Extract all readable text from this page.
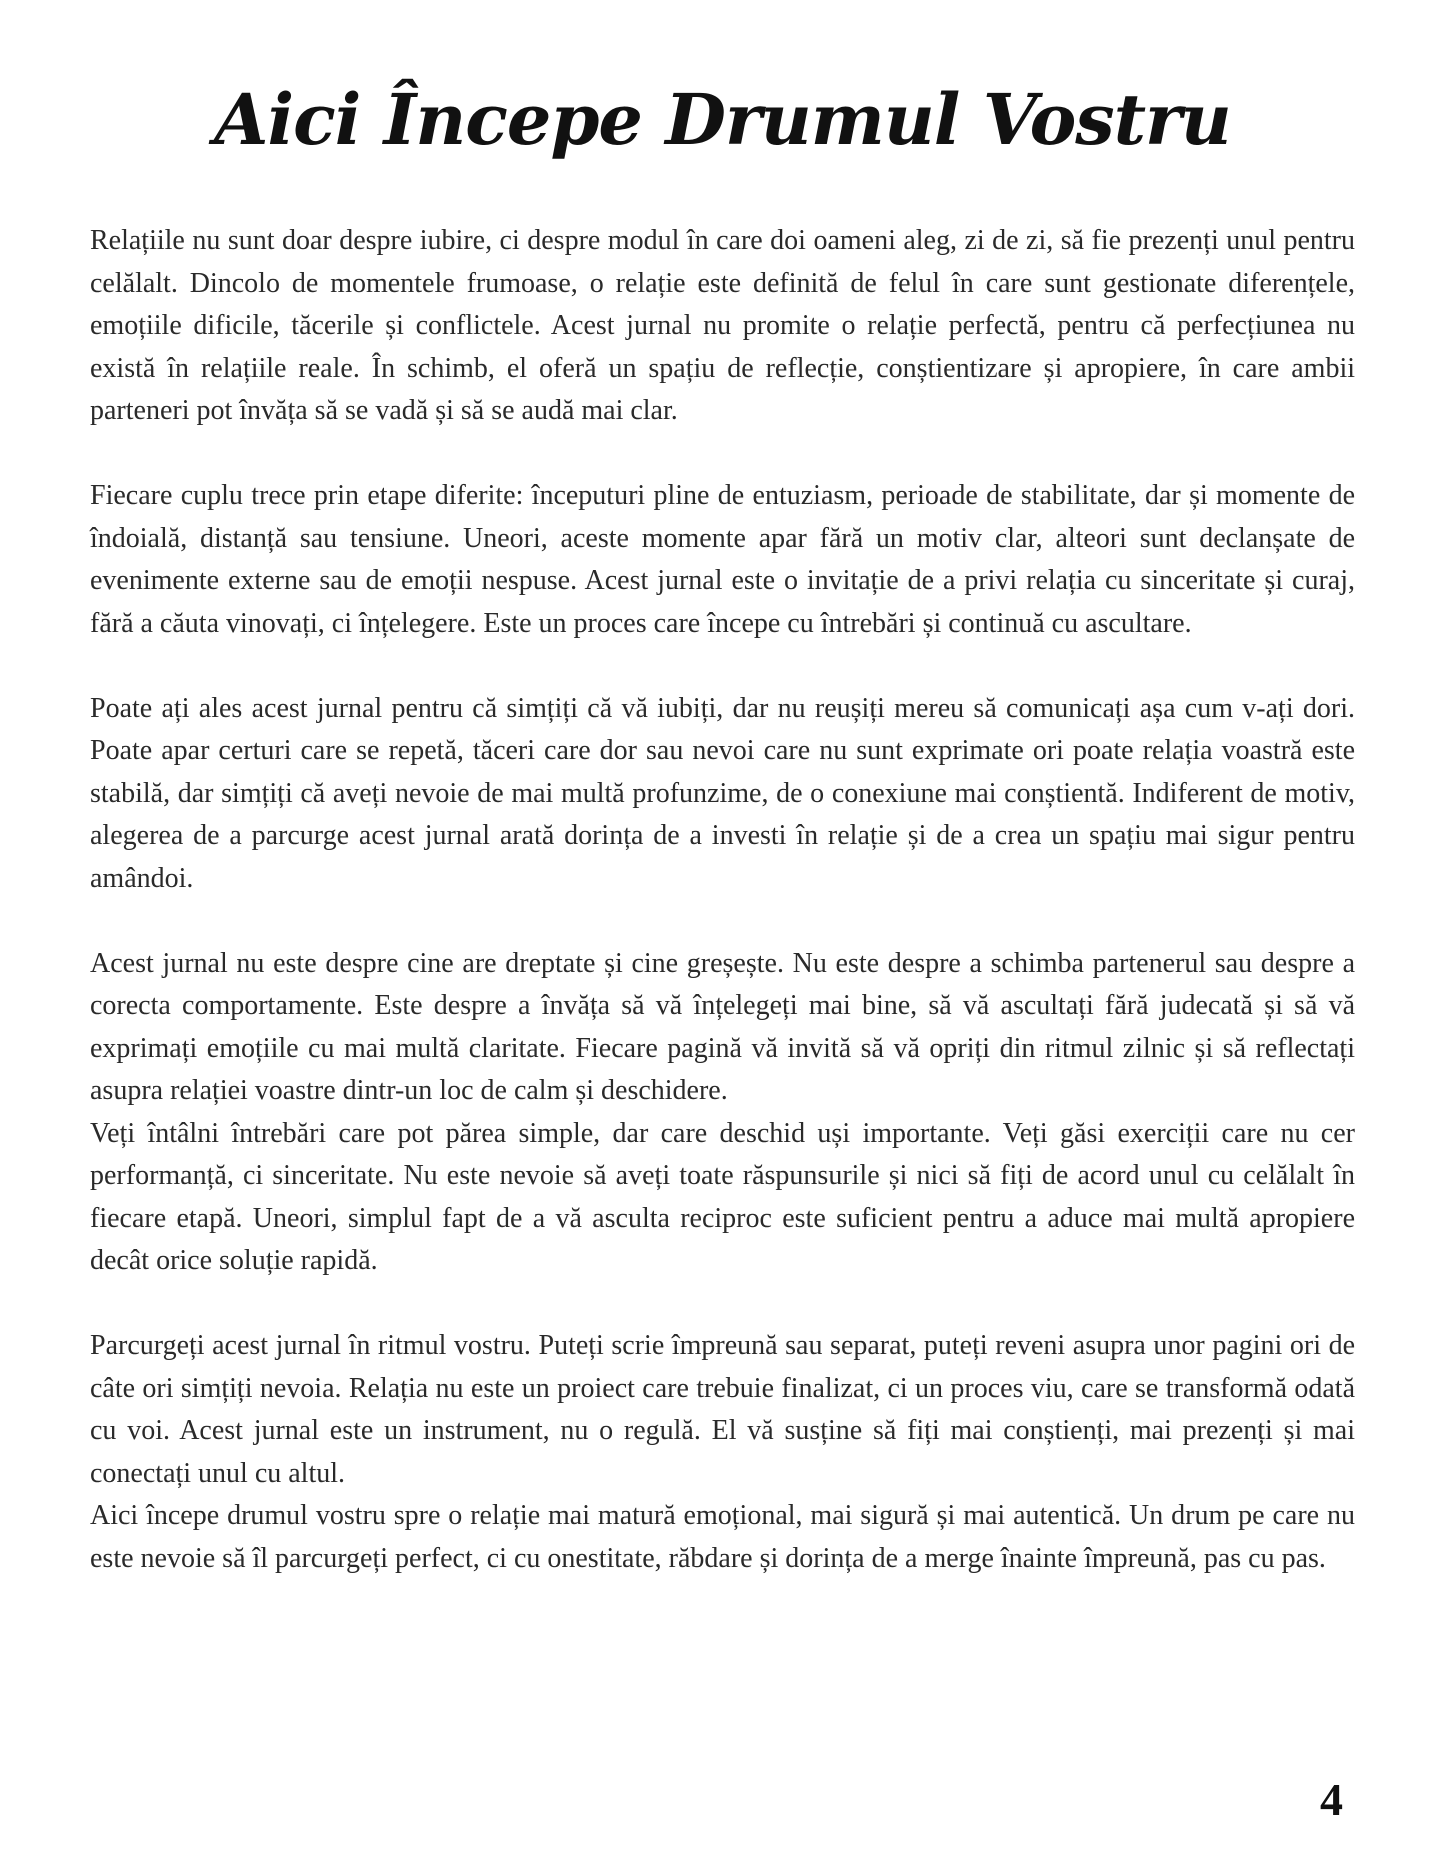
Aici Începe Drumul Vostru

Relațiile nu sunt doar despre iubire, ci despre modul în care doi oameni aleg, zi de zi, să fie prezenți unul pentru celălalt. Dincolo de momentele frumoase, o relație este definită de felul în care sunt gestionate diferențele, emoțiile dificile, tăcerile și conflictele. Acest jurnal nu promite o relație perfectă, pentru că perfecțiunea nu există în relațiile reale. În schimb, el oferă un spațiu de reflecție, conștientizare și apropiere, în care ambii parteneri pot învăța să se vadă și să se audă mai clar.

Fiecare cuplu trece prin etape diferite: începuturi pline de entuziasm, perioade de stabilitate, dar și momente de îndoială, distanță sau tensiune. Uneori, aceste momente apar fără un motiv clar, alteori sunt declanșate de evenimente externe sau de emoții nespuse. Acest jurnal este o invitație de a privi relația cu sinceritate și curaj, fără a căuta vinovați, ci înțelegere. Este un proces care începe cu întrebări și continuă cu ascultare.

Poate ați ales acest jurnal pentru că simțiți că vă iubiți, dar nu reușiți mereu să comunicați așa cum v-ați dori. Poate apar certuri care se repetă, tăceri care dor sau nevoi care nu sunt exprimate ori poate relația voastră este stabilă, dar simțiți că aveți nevoie de mai multă profunzime, de o conexiune mai conștientă. Indiferent de motiv, alegerea de a parcurge acest jurnal arată dorința de a investi în relație și de a crea un spațiu mai sigur pentru amândoi.

Acest jurnal nu este despre cine are dreptate și cine greșește. Nu este despre a schimba partenerul sau despre a corecta comportamente. Este despre a învăța să vă înțelegeți mai bine, să vă ascultați fără judecată și să vă exprimați emoțiile cu mai multă claritate. Fiecare pagină vă invită să vă opriți din ritmul zilnic și să reflectați asupra relației voastre dintr-un loc de calm și deschidere.

Veți întâlni întrebări care pot părea simple, dar care deschid uși importante. Veți găsi exerciții care nu cer performanță, ci sinceritate. Nu este nevoie să aveți toate răspunsurile și nici să fiți de acord unul cu celălalt în fiecare etapă. Uneori, simplul fapt de a vă asculta reciproc este suficient pentru a aduce mai multă apropiere decât orice soluție rapidă.

Parcurgeți acest jurnal în ritmul vostru. Puteți scrie împreună sau separat, puteți reveni asupra unor pagini ori de câte ori simțiți nevoia. Relația nu este un proiect care trebuie finalizat, ci un proces viu, care se transformă odată cu voi. Acest jurnal este un instrument, nu o regulă. El vă susține să fiți mai conștienți, mai prezenți și mai conectați unul cu altul.

Aici începe drumul vostru spre o relație mai matură emoțional, mai sigură și mai autentică. Un drum pe care nu este nevoie să îl parcurgeți perfect, ci cu onestitate, răbdare și dorința de a merge înainte împreună, pas cu pas.

4
